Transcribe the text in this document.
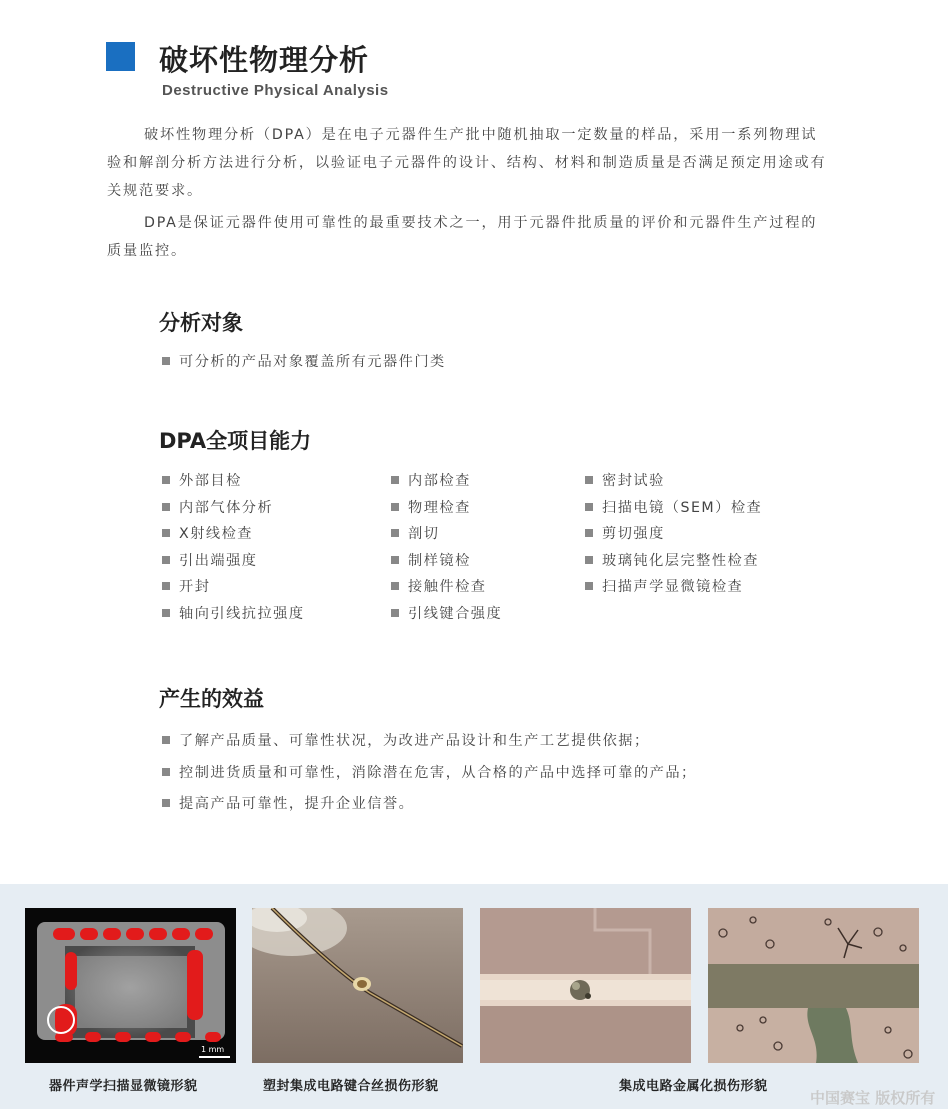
破坏性物理分析
Destructive Physical Analysis
破坏性物理分析（DPA）是在电子元器件生产批中随机抽取一定数量的样品，采用一系列物理试验和解剖分析方法进行分析，以验证电子元器件的设计、结构、材料和制造质量是否满足预定用途或有关规范要求。
DPA是保证元器件使用可靠性的最重要技术之一，用于元器件批质量的评价和元器件生产过程的质量监控。
分析对象
可分析的产品对象覆盖所有元器件门类
DPA全项目能力
外部目检
内部气体分析
X射线检查
引出端强度
开封
轴向引线抗拉强度
内部检查
物理检查
剖切
制样镜检
接触件检查
引线键合强度
密封试验
扫描电镜（SEM）检查
剪切强度
玻璃钝化层完整性检查
扫描声学显微镜检查
产生的效益
了解产品质量、可靠性状况，为改进产品设计和生产工艺提供依据；
控制进货质量和可靠性，消除潜在危害，从合格的产品中选择可靠的产品；
提高产品可靠性，提升企业信誉。
1 mm
器件声学扫描显微镜形貌	塑封集成电路键合丝损伤形貌	集成电路金属化损伤形貌
中国赛宝 版权所有
